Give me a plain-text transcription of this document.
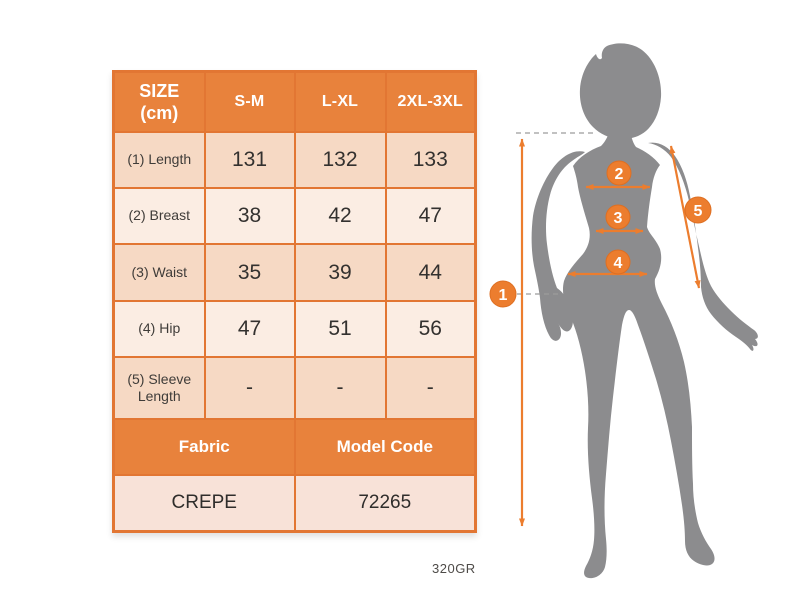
1
2
3
4
5
SIZE
(cm)	S-M	L-XL	2XL-3XL
(1) Length	131	132	133
(2) Breast	38	42	47
(3) Waist	35	39	44
(4) Hip	47	51	56
(5) Sleeve Length	-	-	-
Fabric		Model Code	
CREPE		72265	
320GR
